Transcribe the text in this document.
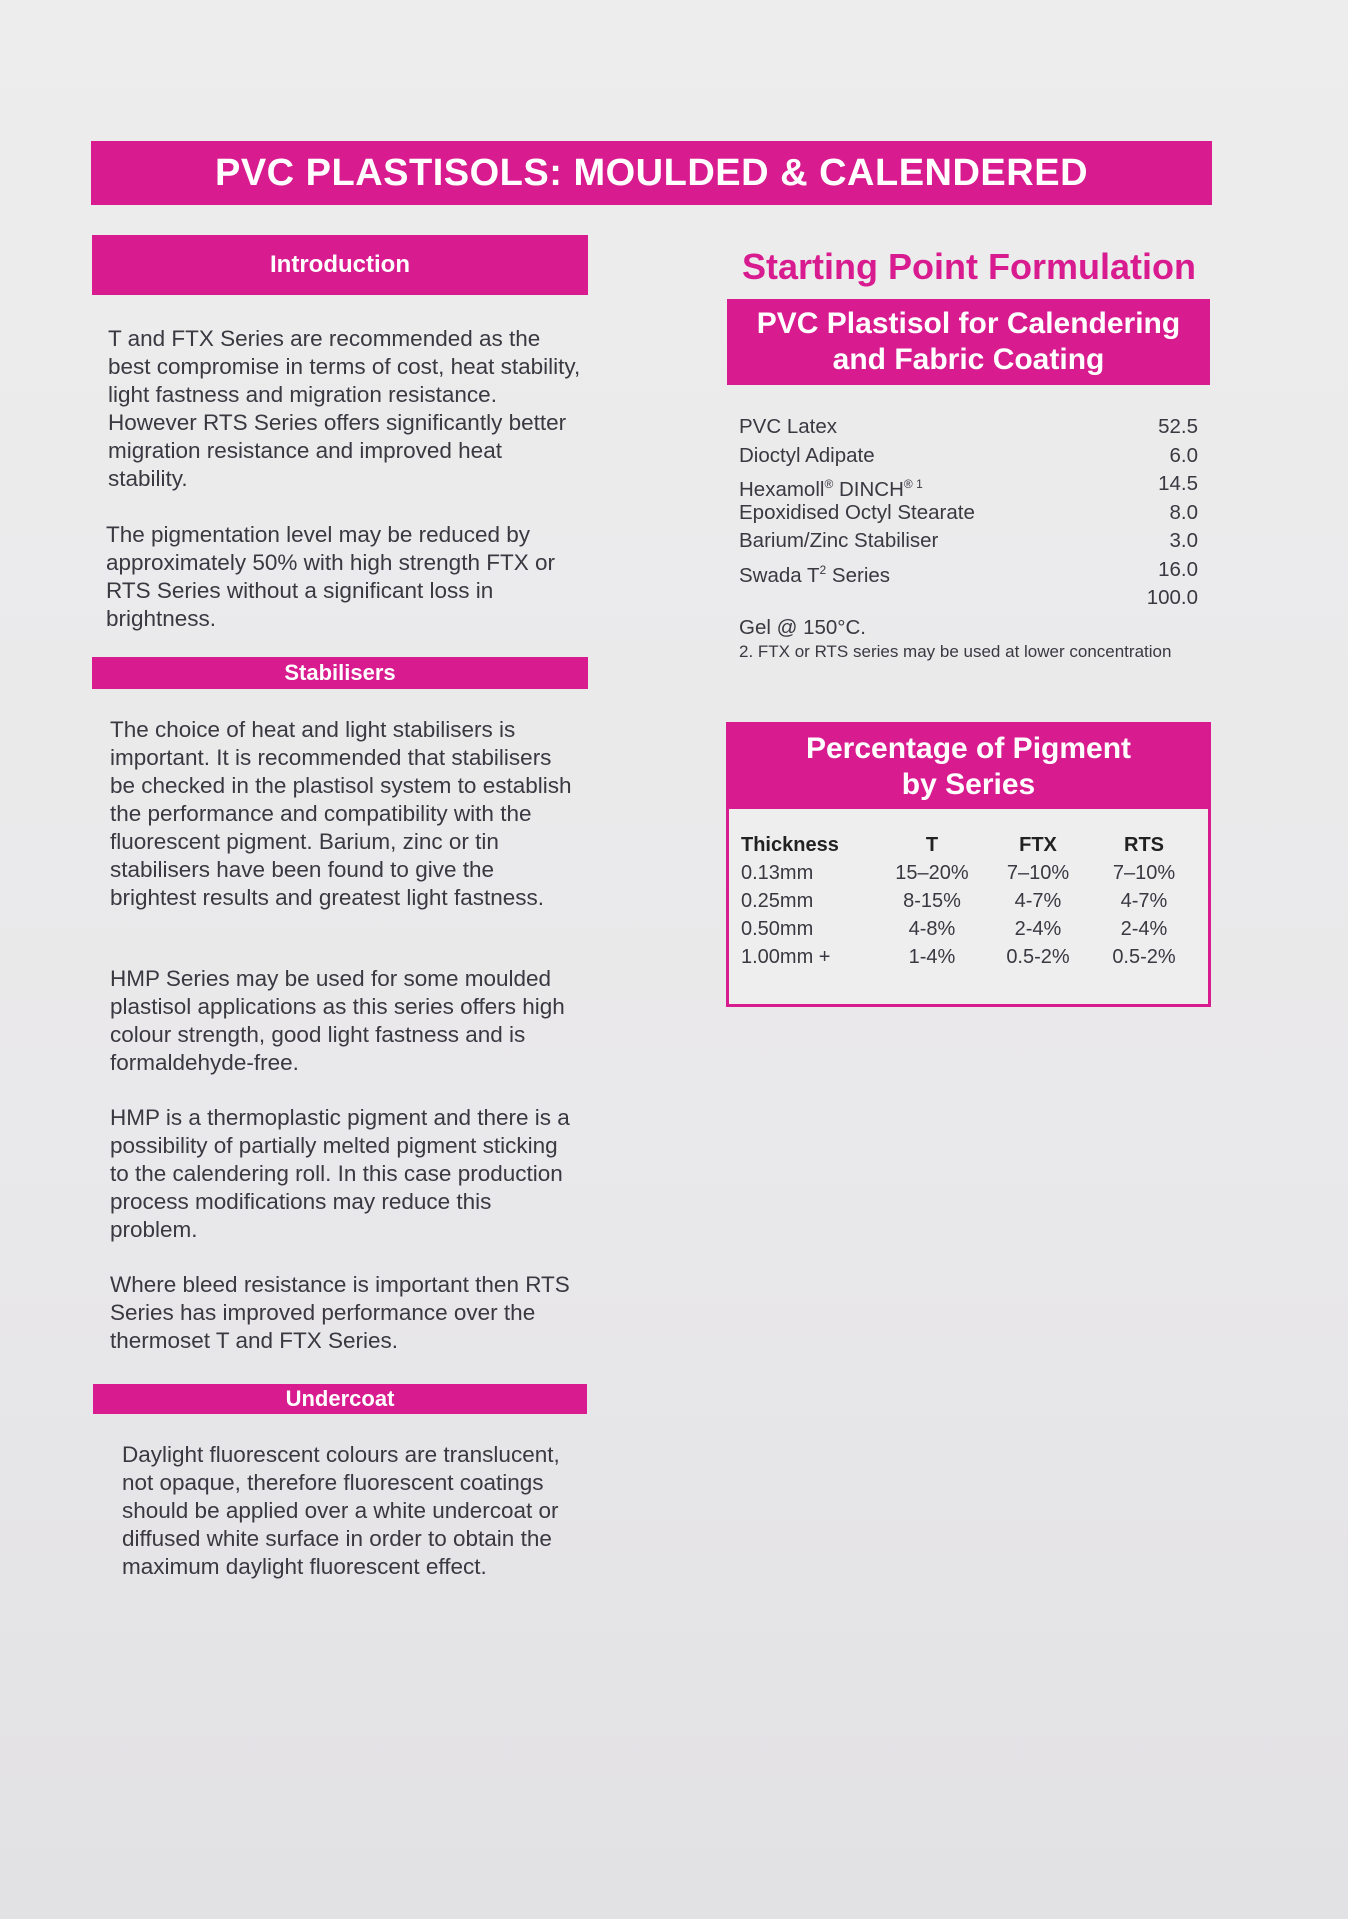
PVC PLASTISOLS: MOULDED & CALENDERED
Introduction

T and FTX Series are recommended as the best compromise in terms of cost, heat stability, light fastness and migration resistance. However RTS Series offers significantly better migration resistance and improved heat stability.

The pigmentation level may be reduced by approximately 50% with high strength FTX or RTS Series without a significant loss in brightness.

Stabilisers

The choice of heat and light stabilisers is important. It is recommended that stabilisers be checked in the plastisol system to establish the performance and compatibility with the fluorescent pigment. Barium, zinc or tin stabilisers have been found to give the brightest results and greatest light fastness.

HMP Series may be used for some moulded plastisol applications as this series offers high colour strength, good light fastness and is formaldehyde-free.

HMP is a thermoplastic pigment and there is a possibility of partially melted pigment sticking to the calendering roll. In this case production process modifications may reduce this problem.

Where bleed resistance is important then RTS Series has improved performance over the thermoset T and FTX Series.

Undercoat

Daylight fluorescent colours are translucent, not opaque, therefore fluorescent coatings should be applied over a white undercoat or diffused white surface in order to obtain the maximum daylight fluorescent effect.

Starting Point Formulation
PVC Plastisol for Calendering
and Fabric Coating
PVC Latex	52.5
Dioctyl Adipate	6.0
Hexamoll® $DINCH^{® 1}$	14.5
Epoxidised Octyl Stearate	8.0
Barium/Zinc Stabiliser	3.0
Swada $T^2$ Series	16.0
100.0
Gel @ 150°C.
2. FTX or RTS series may be used at lower concentration
Percentage of Pigment
by Series
Thickness	T	FTX	RTS
0.13mm	15–20%	7–10%	7–10%
0.25mm	8-15%	4-7%	4-7%
0.50mm	4-8%	2-4%	2-4%
1.00mm +	1-4%	0.5-2%	0.5-2%
